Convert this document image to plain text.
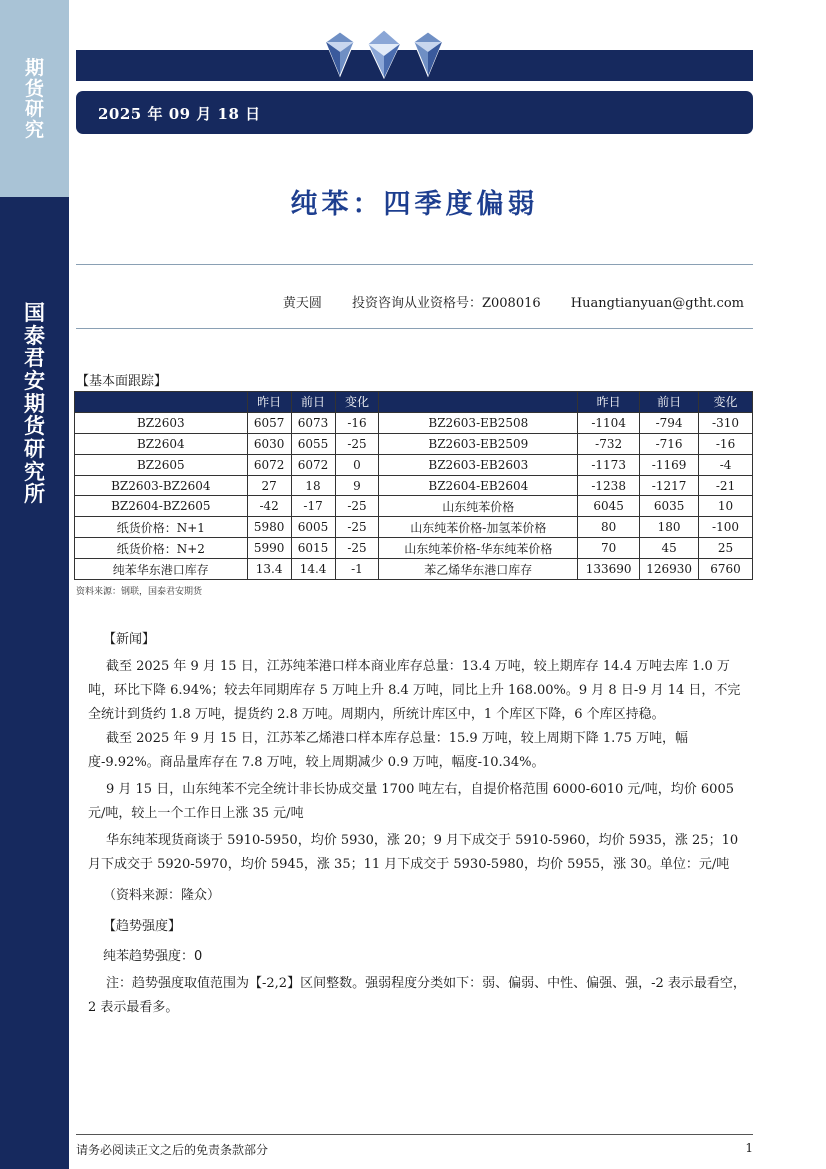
期
货
研
究
国
泰
君
安
期
货
研
究
所
2025 年 09 月 18 日
纯苯：四季度偏弱
黄天圆 投资咨询从业资格号：Z008016 Huangtianyuan@gtht.com
【基本面跟踪】
	昨日	前日	变化		昨日	前日	变化
BZ2603	6057	6073	-16	BZ2603-EB2508	-1104	-794	-310
BZ2604	6030	6055	-25	BZ2603-EB2509	-732	-716	-16
BZ2605	6072	6072	0	BZ2603-EB2603	-1173	-1169	-4
BZ2603-BZ2604	27	18	9	BZ2604-EB2604	-1238	-1217	-21
BZ2604-BZ2605	-42	-17	-25	山东纯苯价格	6045	6035	10
纸货价格：N+1	5980	6005	-25	山东纯苯价格-加氢苯价格	80	180	-100
纸货价格：N+2	5990	6015	-25	山东纯苯价格-华东纯苯价格	70	45	25
纯苯华东港口库存	13.4	14.4	-1	苯乙烯华东港口库存	133690	126930	6760
资料来源：钢联，国泰君安期货
【新闻】
截至 2025 年 9 月 15 日，江苏纯苯港口样本商业库存总量：13.4 万吨，较上期库存 14.4 万吨去库 1.0 万吨，环比下降 6.94%；较去年同期库存 5 万吨上升 8.4 万吨，同比上升 168.00%。9 月 8 日-9 月 14 日，不完全统计到货约 1.8 万吨，提货约 2.8 万吨。周期内，所统计库区中，1 个库区下降，6 个库区持稳。
截至 2025 年 9 月 15 日，江苏苯乙烯港口样本库存总量：15.9 万吨，较上周期下降 1.75 万吨，幅度-9.92%。商品量库存在 7.8 万吨，较上周期减少 0.9 万吨，幅度-10.34%。
9 月 15 日，山东纯苯不完全统计非长协成交量 1700 吨左右，自提价格范围 6000-6010 元/吨，均价 6005 元/吨，较上一个工作日上涨 35 元/吨
华东纯苯现货商谈于 5910-5950，均价 5930，涨 20；9 月下成交于 5910-5960，均价 5935，涨 25；10 月下成交于 5920-5970，均价 5945，涨 35；11 月下成交于 5930-5980，均价 5955，涨 30。单位：元/吨
（资料来源：隆众）
【趋势强度】
纯苯趋势强度：0
注：趋势强度取值范围为【-2,2】区间整数。强弱程度分类如下：弱、偏弱、中性、偏强、强，-2 表示最看空，2 表示最看多。
请务必阅读正文之后的免责条款部分	1
